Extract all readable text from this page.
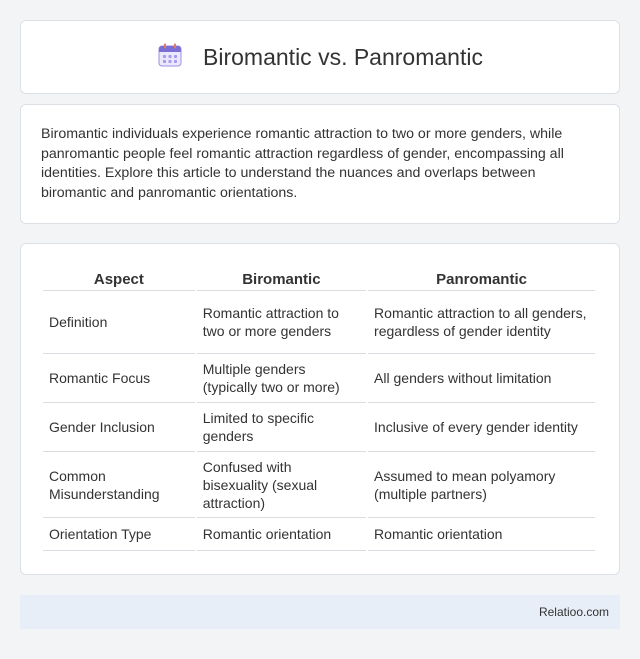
Biromantic vs. Panromantic

Biromantic individuals experience romantic attraction to two or more genders, while panromantic people feel romantic attraction regardless of gender, encompassing all identities. Explore this article to understand the nuances and overlaps between biromantic and panromantic orientations.

Aspect	Biromantic	Panromantic
Definition	Romantic attraction to two or more genders	Romantic attraction to all genders, regardless of gender identity
Romantic Focus	Multiple genders (typically two or more)	All genders without limitation
Gender Inclusion	Limited to specific genders	Inclusive of every gender identity
Common Misunderstanding	Confused with bisexuality (sexual attraction)	Assumed to mean polyamory (multiple partners)
Orientation Type	Romantic orientation	Romantic orientation
Relatioo.com
